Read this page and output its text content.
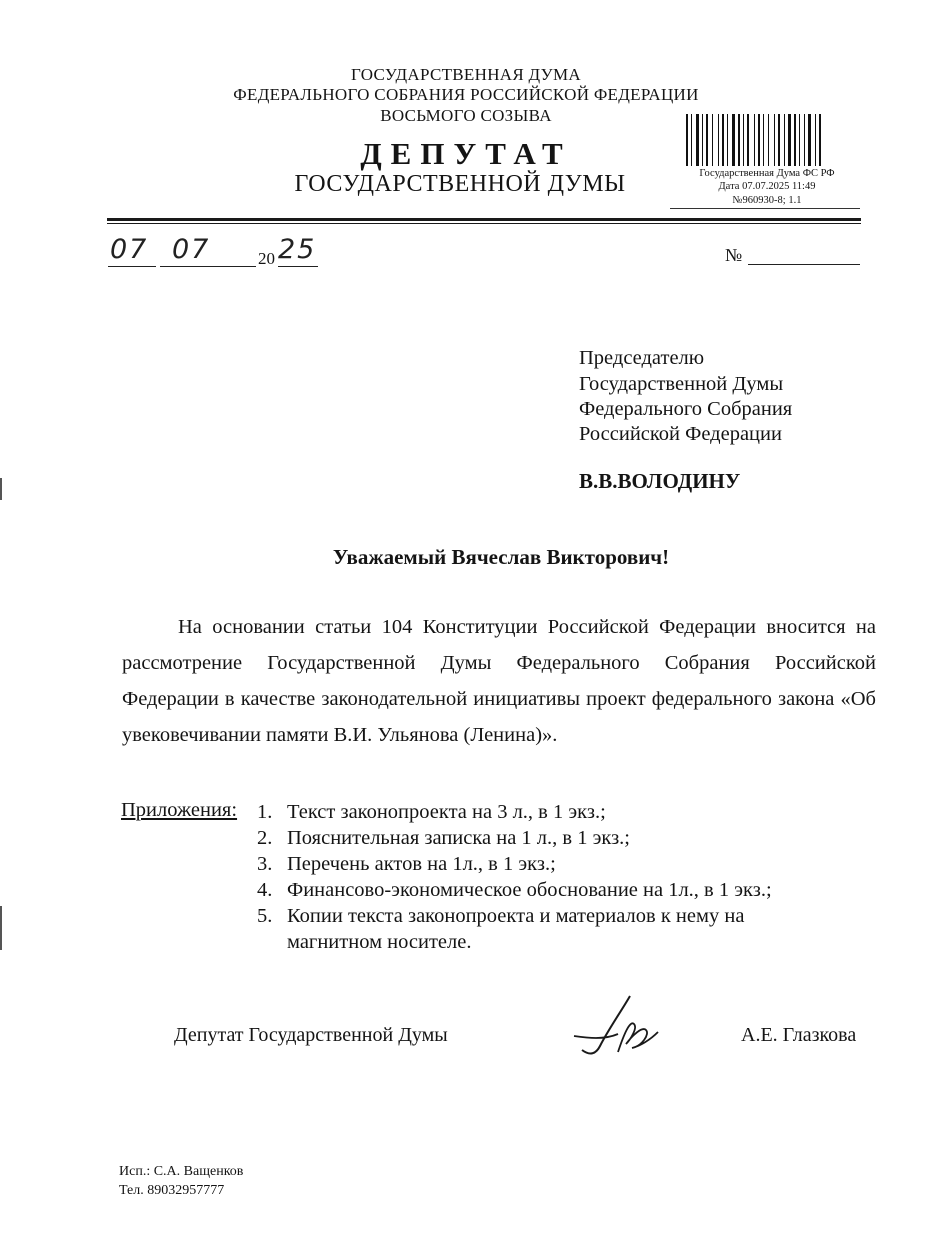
ГОСУДАРСТВЕННАЯ ДУМА
ФЕДЕРАЛЬНОГО СОБРАНИЯ РОССИЙСКОЙ ФЕДЕРАЦИИ
ВОСЬМОГО СОЗЫВА
ДЕПУТАТ
ГОСУДАРСТВЕННОЙ ДУМЫ	Государственная Дума ФС РФ
Дата 07.07.2025 11:49
№960930-8; 1.1
07 07	20 25	№
Председателю
Государственной Думы
Федерального Собрания
Российской Федерации
В.В.ВОЛОДИНУ
Уважаемый Вячеслав Викторович!

На основании статьи 104 Конституции Российской Федерации вносится на рассмотрение Государственной Думы Федерального Собрания Российской Федерации в качестве законодательной инициативы проект федерального закона «Об увековечивании памяти В.И. Ульянова (Ленина)».

Приложения: 1. Текст законопроекта на 3 л., в 1 экз.;
2. Пояснительная записка на 1 л., в 1 экз.;
3. Перечень актов на 1л., в 1 экз.;
4. Финансово-экономическое обоснование на 1л., в 1 экз.;
5. Копии текста законопроекта и материалов к нему на
магнитном носителе.
Депутат Государственной Думы	А.Е. Глазкова
Исп.: С.А. Ващенков
Тел. 89032957777
